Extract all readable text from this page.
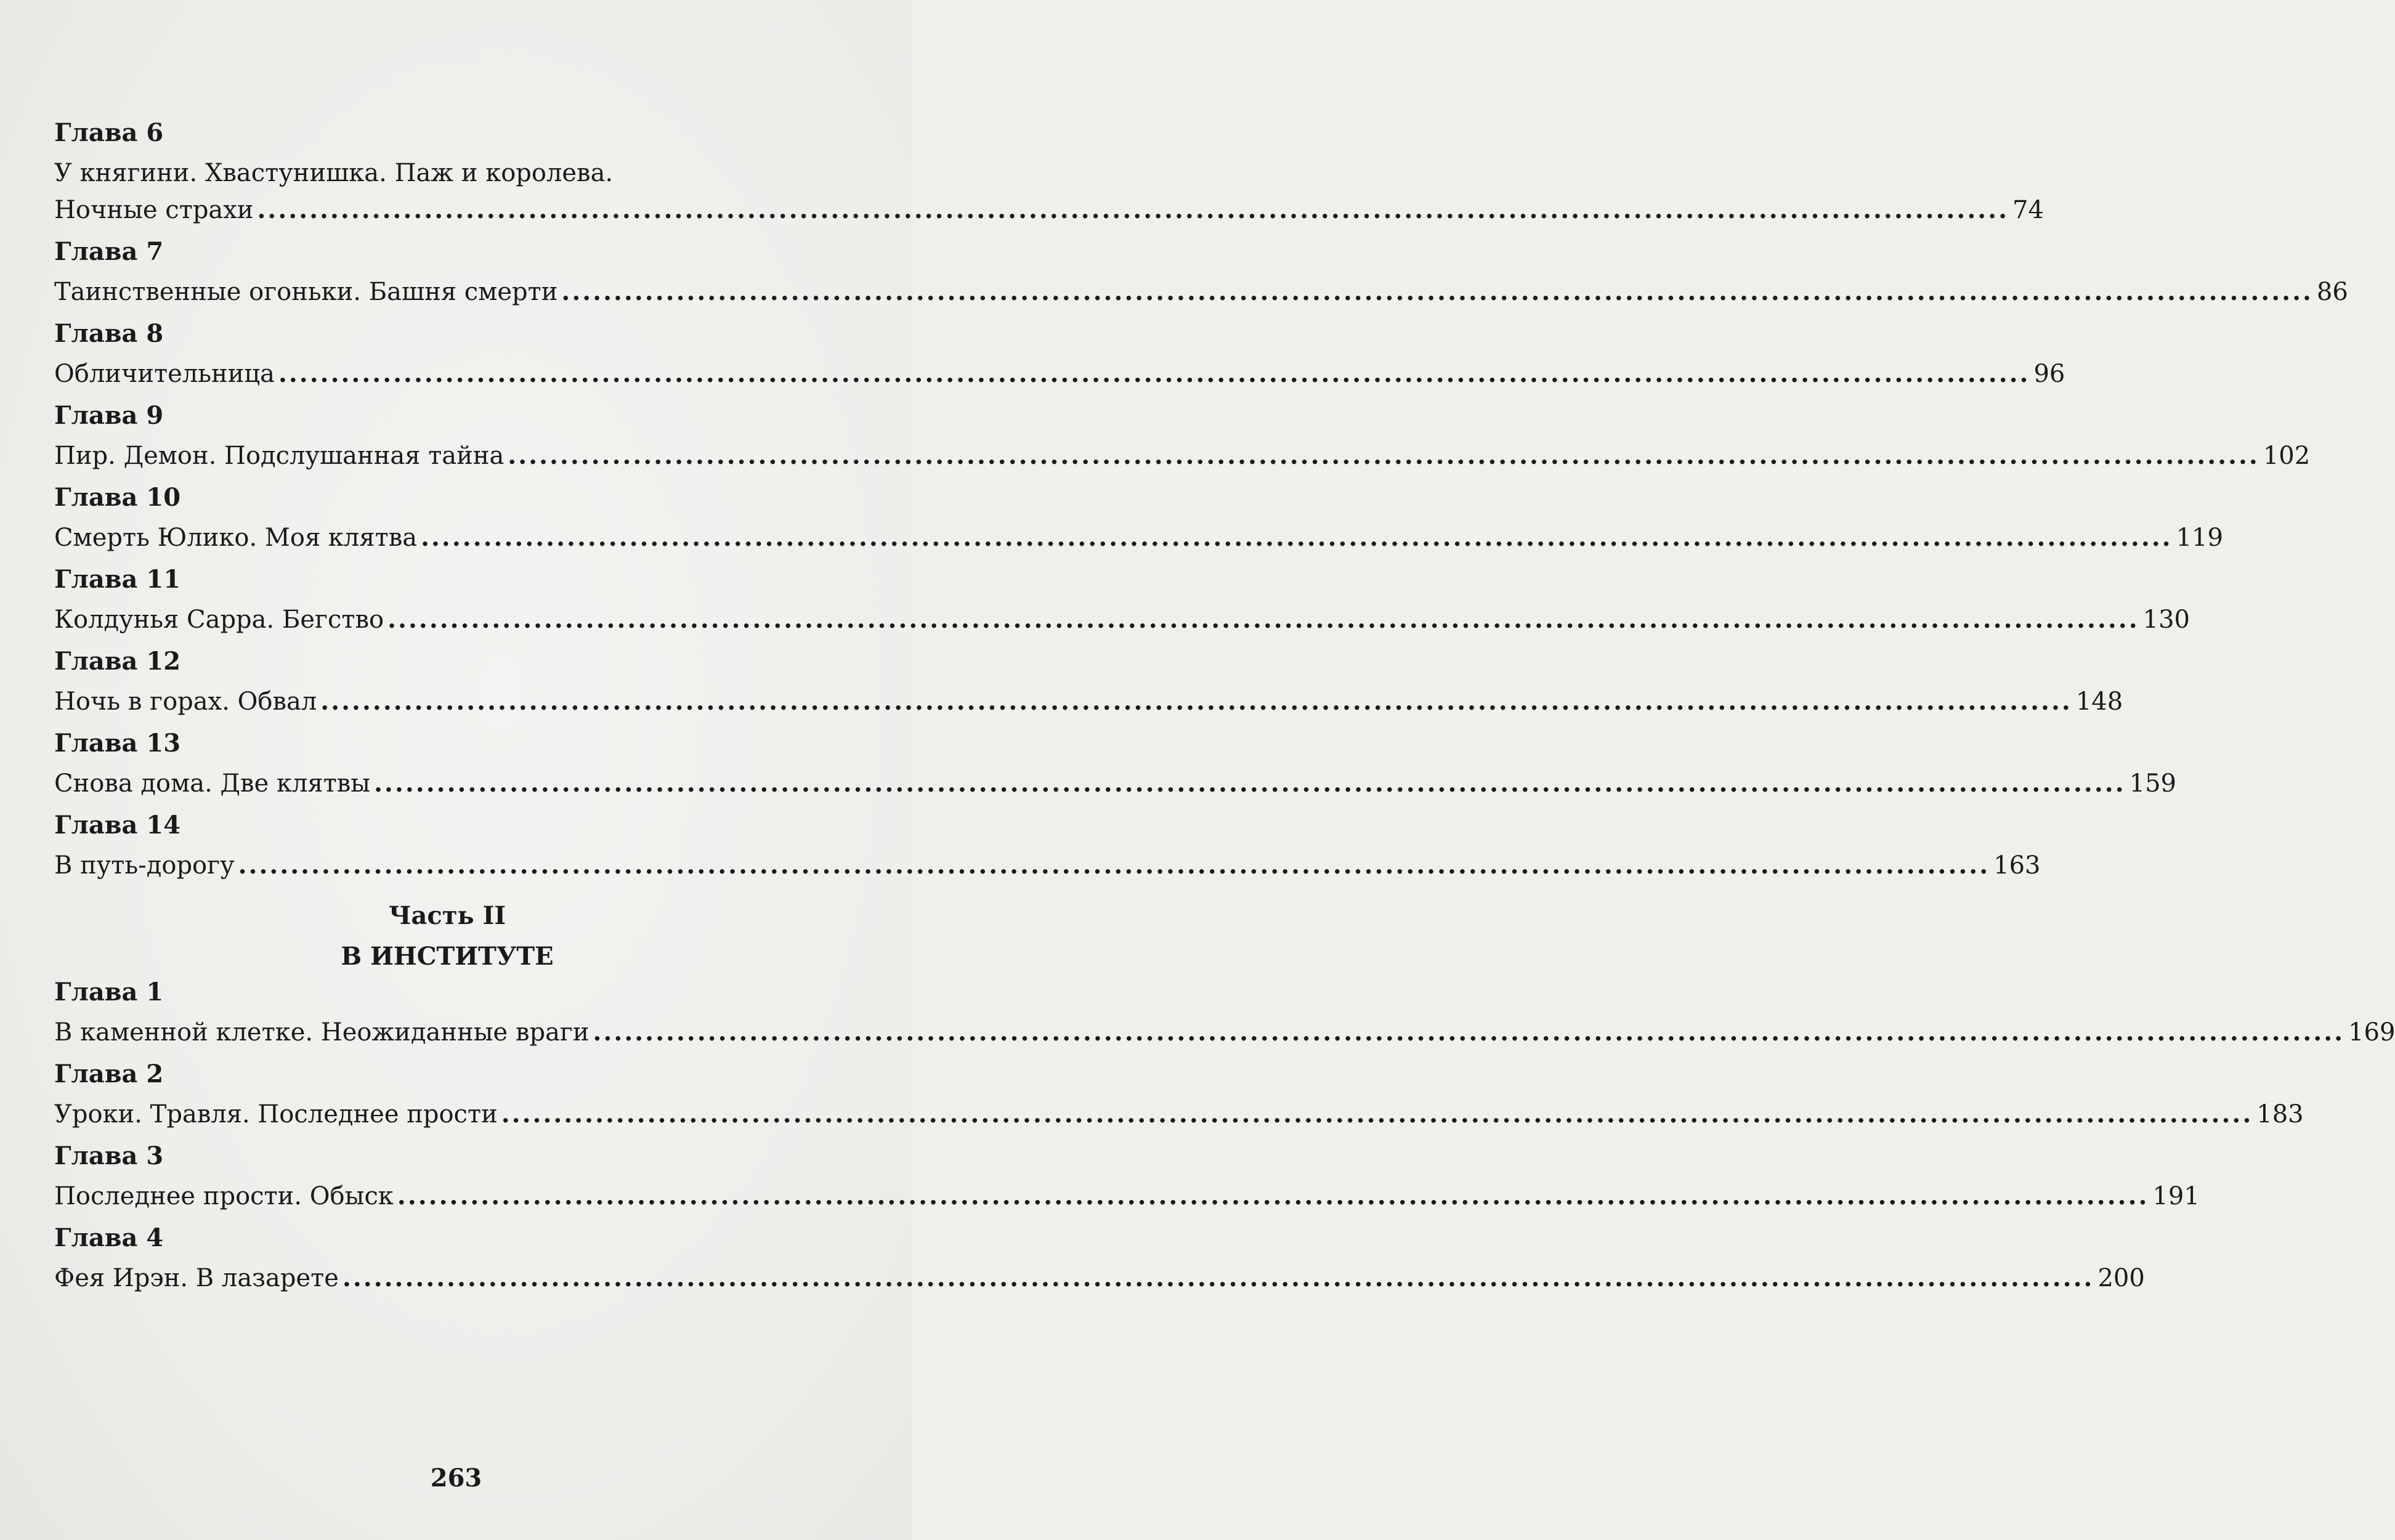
Глава 6
У княгини. Хвастунишка. Паж и королева.
Ночные страхи ........................................................................................................................................................................ 74
Глава 7
Таинственные огоньки. Башня смерти ........................................................................................................................................................................ 86
Глава 8
Обличительница ........................................................................................................................................................................ 96
Глава 9
Пир. Демон. Подслушанная тайна ........................................................................................................................................................................ 102
Глава 10
Смерть Юлико. Моя клятва ........................................................................................................................................................................ 119
Глава 11
Колдунья Сарра. Бегство ........................................................................................................................................................................ 130
Глава 12
Ночь в горах. Обвал ........................................................................................................................................................................ 148
Глава 13
Снова дома. Две клятвы ........................................................................................................................................................................ 159
Глава 14
В путь-дорогу ........................................................................................................................................................................ 163
Часть II
В ИНСТИТУТЕ
Глава 1
В каменной клетке. Неожиданные враги ........................................................................................................................................................................ 169
Глава 2
Уроки. Травля. Последнее прости ........................................................................................................................................................................ 183
Глава 3
Последнее прости. Обыск ........................................................................................................................................................................ 191
Глава 4
Фея Ирэн. В лазарете ........................................................................................................................................................................ 200
263
